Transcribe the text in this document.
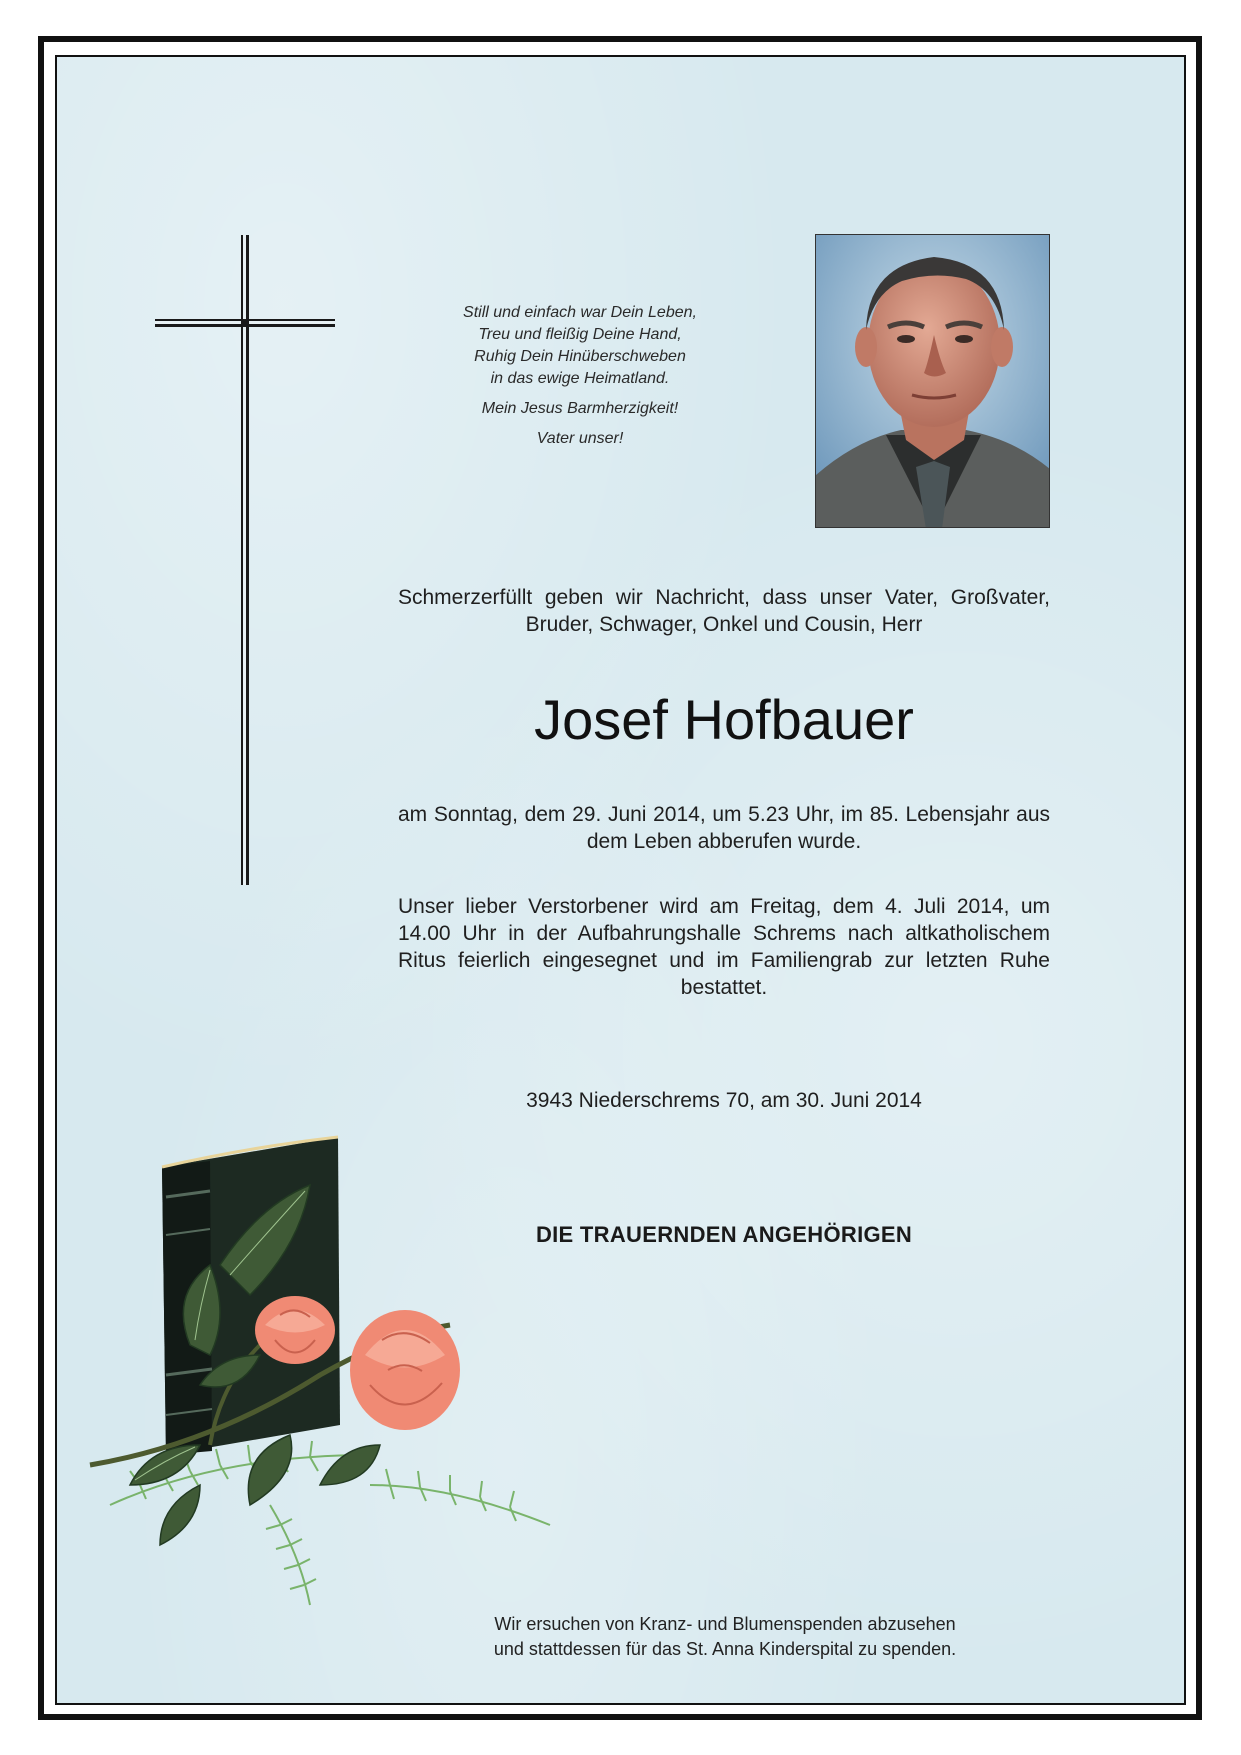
Still und einfach war Dein Leben,
Treu und fleißig Deine Hand,
Ruhig Dein Hinüberschweben
in das ewige Heimatland.
Mein Jesus Barmherzigkeit!
Vater unser!
Schmerzerfüllt geben wir Nachricht, dass unser Vater, Großvater, Bruder, Schwager, Onkel und Cousin, Herr
Josef Hofbauer
am Sonntag, dem 29. Juni 2014, um 5.23 Uhr, im 85. Lebensjahr aus dem Leben abberufen wurde.
Unser lieber Verstorbener wird am Freitag, dem 4. Juli 2014, um 14.00 Uhr in der Aufbahrungshalle Schrems nach altkatholischem Ritus feierlich eingesegnet und im Familiengrab zur letzten Ruhe bestattet.
3943 Niederschrems 70, am 30. Juni 2014
DIE TRAUERNDEN ANGEHÖRIGEN
Wir ersuchen von Kranz- und Blumenspenden abzusehen
und stattdessen für das St. Anna Kinderspital zu spenden.
